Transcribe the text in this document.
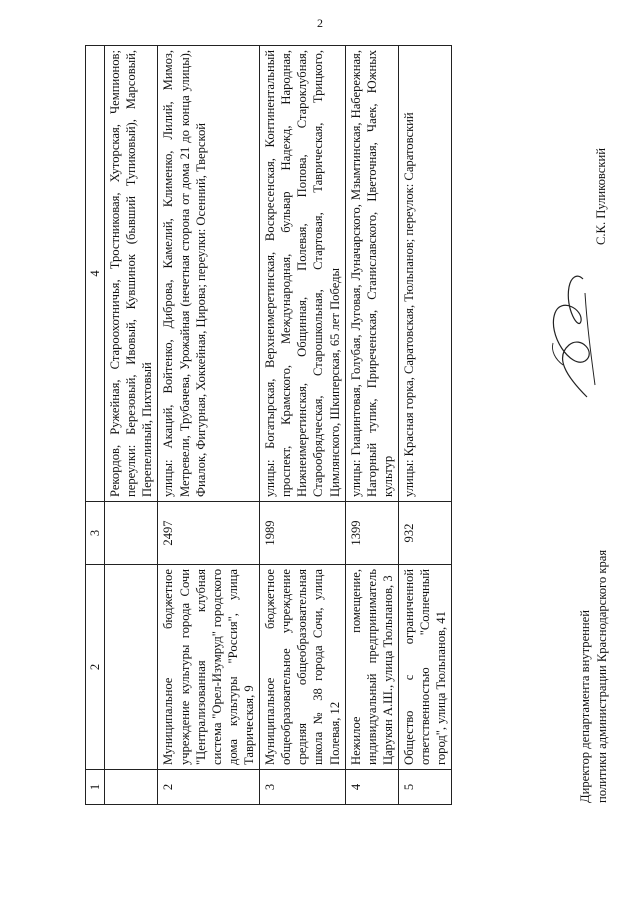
2
1	2	3	4
			Рекордов, Ружейная, Староохотничья, Тростниковая, Хуторская, Чемпионов; переулки: Березовый, Ивовый, Кувшинок (бывший Тупиковый), Марсовый, Перепелиный, Пихтовый
2	Муниципальное бюджетное учреждение культуры города Сочи "Централизованная клубная система "Орел-Изумруд" городского дома культуры "Россия", улица Таврическая, 9	2497	улицы: Акаций, Войтенко, Диброва, Камелий, Клименко, Лилий, Мимоз, Метревели, Трубачева, Урожайная (нечетная сторона от дома 21 до конца улицы), Фиалок, Фигурная, Хоккейная, Цирова; переулки: Осенний, Тверской
3	Муниципальное бюджетное общеобразовательное учреждение средняя общеобразовательная школа № 38 города Сочи, улица Полевая, 12	1989	улицы: Богатырская, Верхнеимеретинская, Воскресенская, Континентальный проспект, Крамского, Международная, бульвар Надежд, Народная, Нижнеимеретинская, Общинная, Полевая, Попова, Староклубная, Старообрядческая, Старошкольная, Стартовая, Таврическая, Трицкого, Цимлянского, Шкиперская, 65 лет Победы
4	Нежилое помещение, индивидуальный предприниматель Царукян А.Ш., улица Тюльпанов, 3	1399	улицы: Гиацинтовая, Голубая, Луговая, Луначарского, Мзымтинская, Набережная, Нагорный тупик, Приреченская, Станиславского, Цветочная, Чаек, Южных культур
5	Общество с ограниченной ответственностью "Солнечный город", улица Тюльпанов, 41	932	улицы: Красная горка, Саратовская, Тюльпанов; переулок: Саратовский
Директор департамента внутренней политики администрации Краснодарского края
С.К. Пуликовский
